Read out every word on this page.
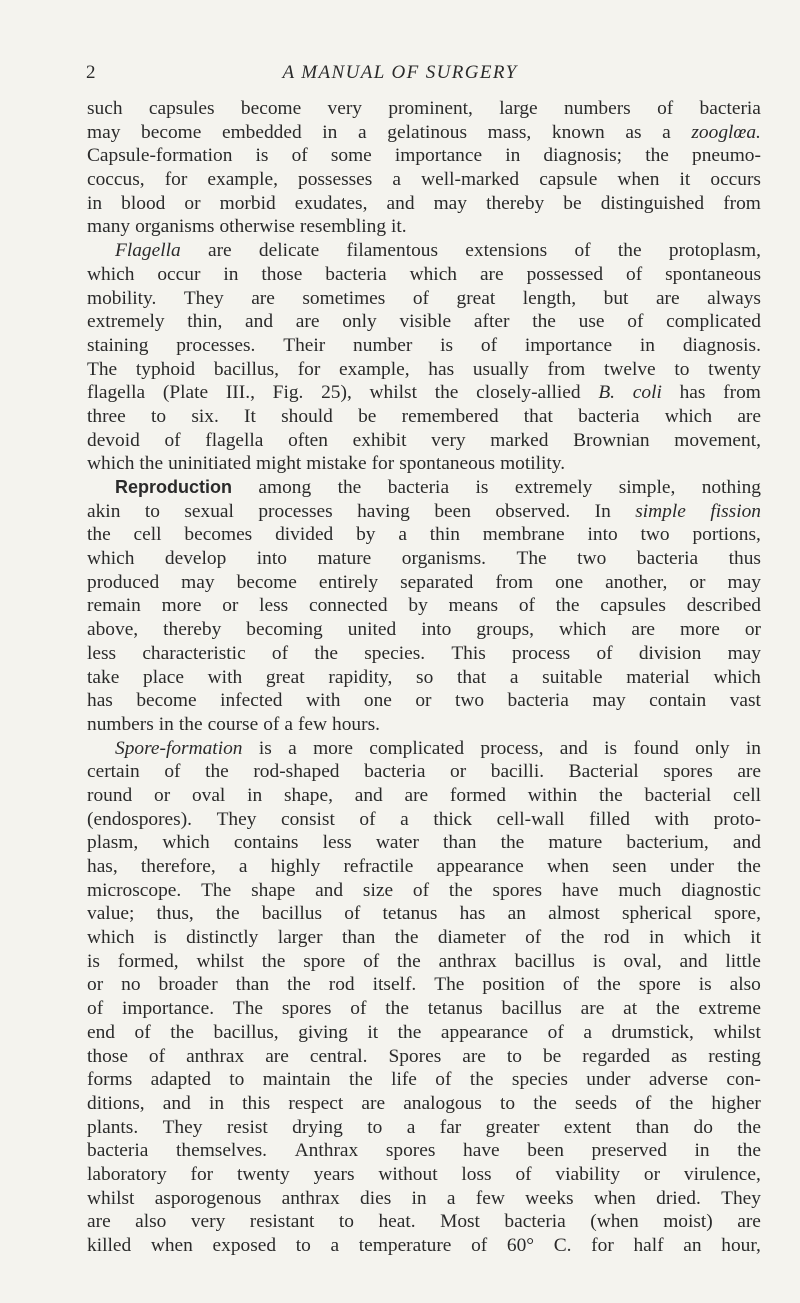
2	A MANUAL OF SURGERY
such capsules become very prominent, large numbers of bacteria
may become embedded in a gelatinous mass, known as a zooglœa.
Capsule-formation is of some importance in diagnosis; the pneumo-
coccus, for example, possesses a well-marked capsule when it occurs
in blood or morbid exudates, and may thereby be distinguished from
many organisms otherwise resembling it.
Flagella are delicate filamentous extensions of the protoplasm,
which occur in those bacteria which are possessed of spontaneous
mobility. They are sometimes of great length, but are always
extremely thin, and are only visible after the use of complicated
staining processes. Their number is of importance in diagnosis.
The typhoid bacillus, for example, has usually from twelve to twenty
flagella (Plate III., Fig. 25), whilst the closely-allied B. coli has from
three to six. It should be remembered that bacteria which are
devoid of flagella often exhibit very marked Brownian movement,
which the uninitiated might mistake for spontaneous motility.
Reproduction among the bacteria is extremely simple, nothing
akin to sexual processes having been observed. In simple fission
the cell becomes divided by a thin membrane into two portions,
which develop into mature organisms. The two bacteria thus
produced may become entirely separated from one another, or may
remain more or less connected by means of the capsules described
above, thereby becoming united into groups, which are more or
less characteristic of the species. This process of division may
take place with great rapidity, so that a suitable material which
has become infected with one or two bacteria may contain vast
numbers in the course of a few hours.
Spore-formation is a more complicated process, and is found only in
certain of the rod-shaped bacteria or bacilli. Bacterial spores are
round or oval in shape, and are formed within the bacterial cell
(endospores). They consist of a thick cell-wall filled with proto-
plasm, which contains less water than the mature bacterium, and
has, therefore, a highly refractile appearance when seen under the
microscope. The shape and size of the spores have much diagnostic
value; thus, the bacillus of tetanus has an almost spherical spore,
which is distinctly larger than the diameter of the rod in which it
is formed, whilst the spore of the anthrax bacillus is oval, and little
or no broader than the rod itself. The position of the spore is also
of importance. The spores of the tetanus bacillus are at the extreme
end of the bacillus, giving it the appearance of a drumstick, whilst
those of anthrax are central. Spores are to be regarded as resting
forms adapted to maintain the life of the species under adverse con-
ditions, and in this respect are analogous to the seeds of the higher
plants. They resist drying to a far greater extent than do the
bacteria themselves. Anthrax spores have been preserved in the
laboratory for twenty years without loss of viability or virulence,
whilst asporogenous anthrax dies in a few weeks when dried. They
are also very resistant to heat. Most bacteria (when moist) are
killed when exposed to a temperature of 60° C. for half an hour,
